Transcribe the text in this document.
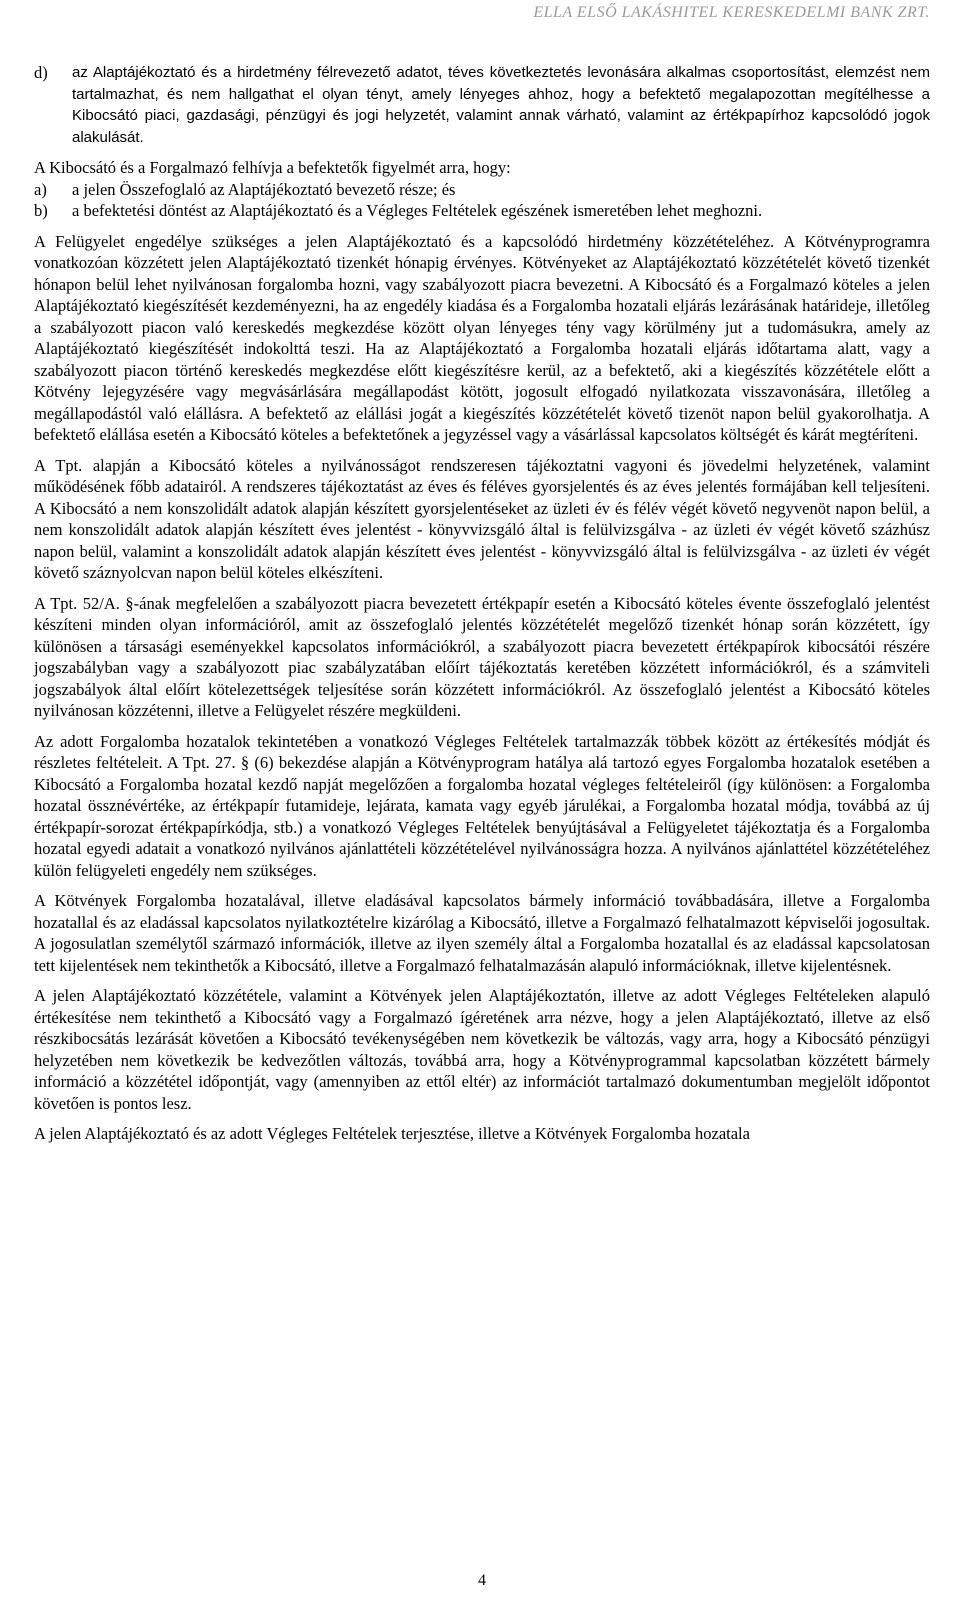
ELLA ELSŐ LAKÁSHITEL KERESKEDELMI BANK ZRT.
d)	az Alaptájékoztató és a hirdetmény félrevezető adatot, téves következtetés levonására alkalmas csoportosítást, elemzést nem tartalmazhat, és nem hallgathat el olyan tényt, amely lényeges ahhoz, hogy a befektető megalapozottan megítélhesse a Kibocsátó piaci, gazdasági, pénzügyi és jogi helyzetét, valamint annak várható, valamint az értékpapírhoz kapcsolódó jogok alakulását.

A Kibocsátó és a Forgalmazó felhívja a befektetők figyelmét arra, hogy:

a)	a jelen Összefoglaló az Alaptájékoztató bevezető része; és
b)	a befektetési döntést az Alaptájékoztató és a Végleges Feltételek egészének ismeretében lehet meghozni.

A Felügyelet engedélye szükséges a jelen Alaptájékoztató és a kapcsolódó hirdetmény közzétételéhez. A Kötvényprogramra vonatkozóan közzétett jelen Alaptájékoztató tizenkét hónapig érvényes. Kötvényeket az Alaptájékoztató közzétételét követő tizenkét hónapon belül lehet nyilvánosan forgalomba hozni, vagy szabályozott piacra bevezetni. A Kibocsátó és a Forgalmazó köteles a jelen Alaptájékoztató kiegészítését kezdeményezni, ha az engedély kiadása és a Forgalomba hozatali eljárás lezárásának határideje, illetőleg a szabályozott piacon való kereskedés megkezdése között olyan lényeges tény vagy körülmény jut a tudomásukra, amely az Alaptájékoztató kiegészítését indokolttá teszi. Ha az Alaptájékoztató a Forgalomba hozatali eljárás időtartama alatt, vagy a szabályozott piacon történő kereskedés megkezdése előtt kiegészítésre kerül, az a befektető, aki a kiegészítés közzététele előtt a Kötvény lejegyzésére vagy megvásárlására megállapodást kötött, jogosult elfogadó nyilatkozata visszavonására, illetőleg a megállapodástól való elállásra. A befektető az elállási jogát a kiegészítés közzétételét követő tizenöt napon belül gyakorolhatja. A befektető elállása esetén a Kibocsátó köteles a befektetőnek a jegyzéssel vagy a vásárlással kapcsolatos költségét és kárát megtéríteni.

A Tpt. alapján a Kibocsátó köteles a nyilvánosságot rendszeresen tájékoztatni vagyoni és jövedelmi helyzetének, valamint működésének főbb adatairól. A rendszeres tájékoztatást az éves és féléves gyorsjelentés és az éves jelentés formájában kell teljesíteni. A Kibocsátó a nem konszolidált adatok alapján készített gyorsjelentéseket az üzleti év és félév végét követő negyvenöt napon belül, a nem konszolidált adatok alapján készített éves jelentést - könyvvizsgáló által is felülvizsgálva - az üzleti év végét követő százhúsz napon belül, valamint a konszolidált adatok alapján készített éves jelentést - könyvvizsgáló által is felülvizsgálva - az üzleti év végét követő száznyolcvan napon belül köteles elkészíteni.

A Tpt. 52/A. §-ának megfelelően a szabályozott piacra bevezetett értékpapír esetén a Kibocsátó köteles évente összefoglaló jelentést készíteni minden olyan információról, amit az összefoglaló jelentés közzétételét megelőző tizenkét hónap során közzétett, így különösen a társasági eseményekkel kapcsolatos információkról, a szabályozott piacra bevezetett értékpapírok kibocsátói részére jogszabályban vagy a szabályozott piac szabályzatában előírt tájékoztatás keretében közzétett információkról, és a számviteli jogszabályok által előírt kötelezettségek teljesítése során közzétett információkról. Az összefoglaló jelentést a Kibocsátó köteles nyilvánosan közzétenni, illetve a Felügyelet részére megküldeni.

Az adott Forgalomba hozatalok tekintetében a vonatkozó Végleges Feltételek tartalmazzák többek között az értékesítés módját és részletes feltételeit. A Tpt. 27. § (6) bekezdése alapján a Kötvényprogram hatálya alá tartozó egyes Forgalomba hozatalok esetében a Kibocsátó a Forgalomba hozatal kezdő napját megelőzően a forgalomba hozatal végleges feltételeiről (így különösen: a Forgalomba hozatal össznévértéke, az értékpapír futamideje, lejárata, kamata vagy egyéb járulékai, a Forgalomba hozatal módja, továbbá az új értékpapír-sorozat értékpapírkódja, stb.) a vonatkozó Végleges Feltételek benyújtásával a Felügyeletet tájékoztatja és a Forgalomba hozatal egyedi adatait a vonatkozó nyilvános ajánlattételi közzétételével nyilvánosságra hozza. A nyilvános ajánlattétel közzétételéhez külön felügyeleti engedély nem szükséges.

A Kötvények Forgalomba hozatalával, illetve eladásával kapcsolatos bármely információ továbbadására, illetve a Forgalomba hozatallal és az eladással kapcsolatos nyilatkoztételre kizárólag a Kibocsátó, illetve a Forgalmazó felhatalmazott képviselői jogosultak. A jogosulatlan személytől származó információk, illetve az ilyen személy által a Forgalomba hozatallal és az eladással kapcsolatosan tett kijelentések nem tekinthetők a Kibocsátó, illetve a Forgalmazó felhatalmazásán alapuló információknak, illetve kijelentésnek.

A jelen Alaptájékoztató közzététele, valamint a Kötvények jelen Alaptájékoztatón, illetve az adott Végleges Feltételeken alapuló értékesítése nem tekinthető a Kibocsátó vagy a Forgalmazó ígéretének arra nézve, hogy a jelen Alaptájékoztató, illetve az első részkibocsátás lezárását követően a Kibocsátó tevékenységében nem következik be változás, vagy arra, hogy a Kibocsátó pénzügyi helyzetében nem következik be kedvezőtlen változás, továbbá arra, hogy a Kötvényprogrammal kapcsolatban közzétett bármely információ a közzététel időpontját, vagy (amennyiben az ettől eltér) az információt tartalmazó dokumentumban megjelölt időpontot követően is pontos lesz.

A jelen Alaptájékoztató és az adott Végleges Feltételek terjesztése, illetve a Kötvények Forgalomba hozatala

4
